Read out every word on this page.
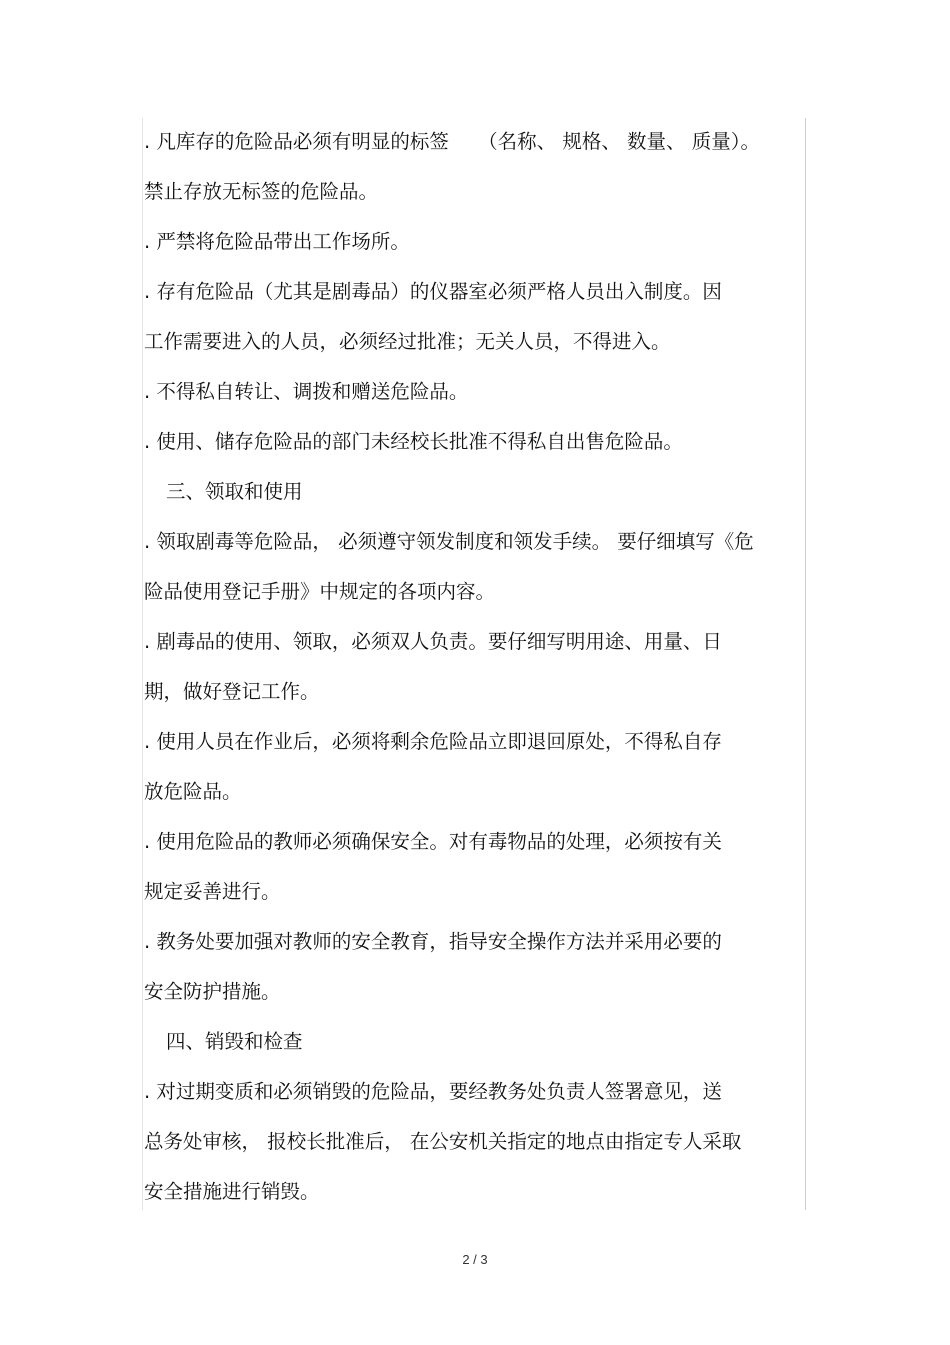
. 凡库存的危险品必须有明显的标签　　（名称、 规格、 数量、 质量）。
禁止存放无标签的危险品。
. 严禁将危险品带出工作场所。
. 存有危险品（尤其是剧毒品）的仪器室必须严格人员出入制度。因
工作需要进入的人员，必须经过批准；无关人员，不得进入。
. 不得私自转让、调拨和赠送危险品。
. 使用、储存危险品的部门未经校长批准不得私自出售危险品。
三、领取和使用
. 领取剧毒等危险品， 必须遵守领发制度和领发手续。 要仔细填写《危
险品使用登记手册》中规定的各项内容。
. 剧毒品的使用、领取，必须双人负责。要仔细写明用途、用量、日
期，做好登记工作。
. 使用人员在作业后，必须将剩余危险品立即退回原处，不得私自存
放危险品。
. 使用危险品的教师必须确保安全。对有毒物品的处理，必须按有关
规定妥善进行。
. 教务处要加强对教师的安全教育，指导安全操作方法并采用必要的
安全防护措施。
四、销毁和检查
. 对过期变质和必须销毁的危险品，要经教务处负责人签署意见，送
总务处审核， 报校长批准后， 在公安机关指定的地点由指定专人采取
安全措施进行销毁。
2 / 3
